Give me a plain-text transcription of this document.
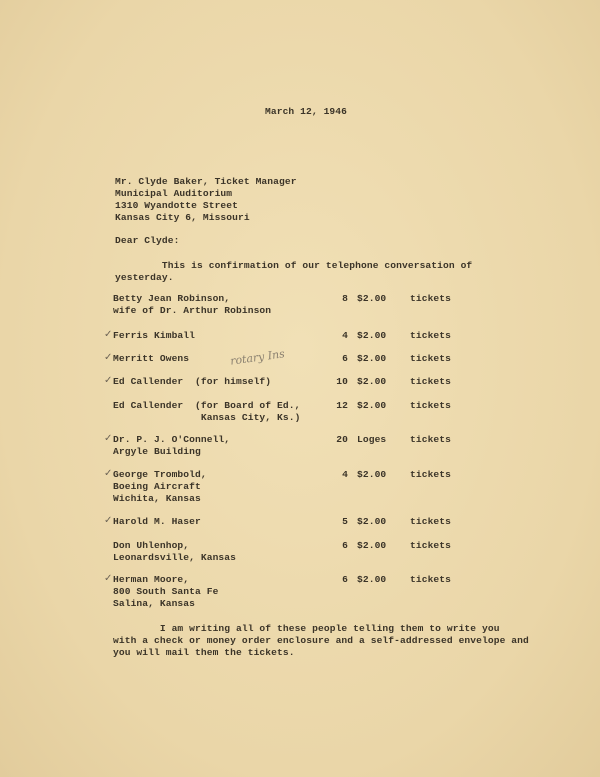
March 12, 1946
Mr. Clyde Baker, Ticket Manager
Municipal Auditorium
1310 Wyandotte Street
Kansas City 6, Missouri
Dear Clyde:
This is confirmation of our telephone conversation of
yesterday.
Betty Jean Robinson,
wife of Dr. Arthur Robinson
8 $2.00 tickets
Ferris Kimball	4 $2.00 tickets
✓
Merritt Owens	6 $2.00 tickets
✓
Ed Callender  (for himself)	10 $2.00 tickets
✓
Ed Callender  (for Board of Ed.,
Kansas City, Ks.)
12 $2.00 tickets
Dr. P. J. O'Connell,
Argyle Building
20 Loges tickets
✓
George Trombold,
Boeing Aircraft
Wichita, Kansas
4 $2.00 tickets
✓
Harold M. Haser	5 $2.00 tickets
✓
Don Uhlenhop,
Leonardsville, Kansas
6 $2.00 tickets
Herman Moore,
800 South Santa Fe
Salina, Kansas
6 $2.00 tickets
✓
rotary Ins
I am writing all of these people telling them to write you
with a check or money order enclosure and a self-addressed envelope and
you will mail them the tickets.
